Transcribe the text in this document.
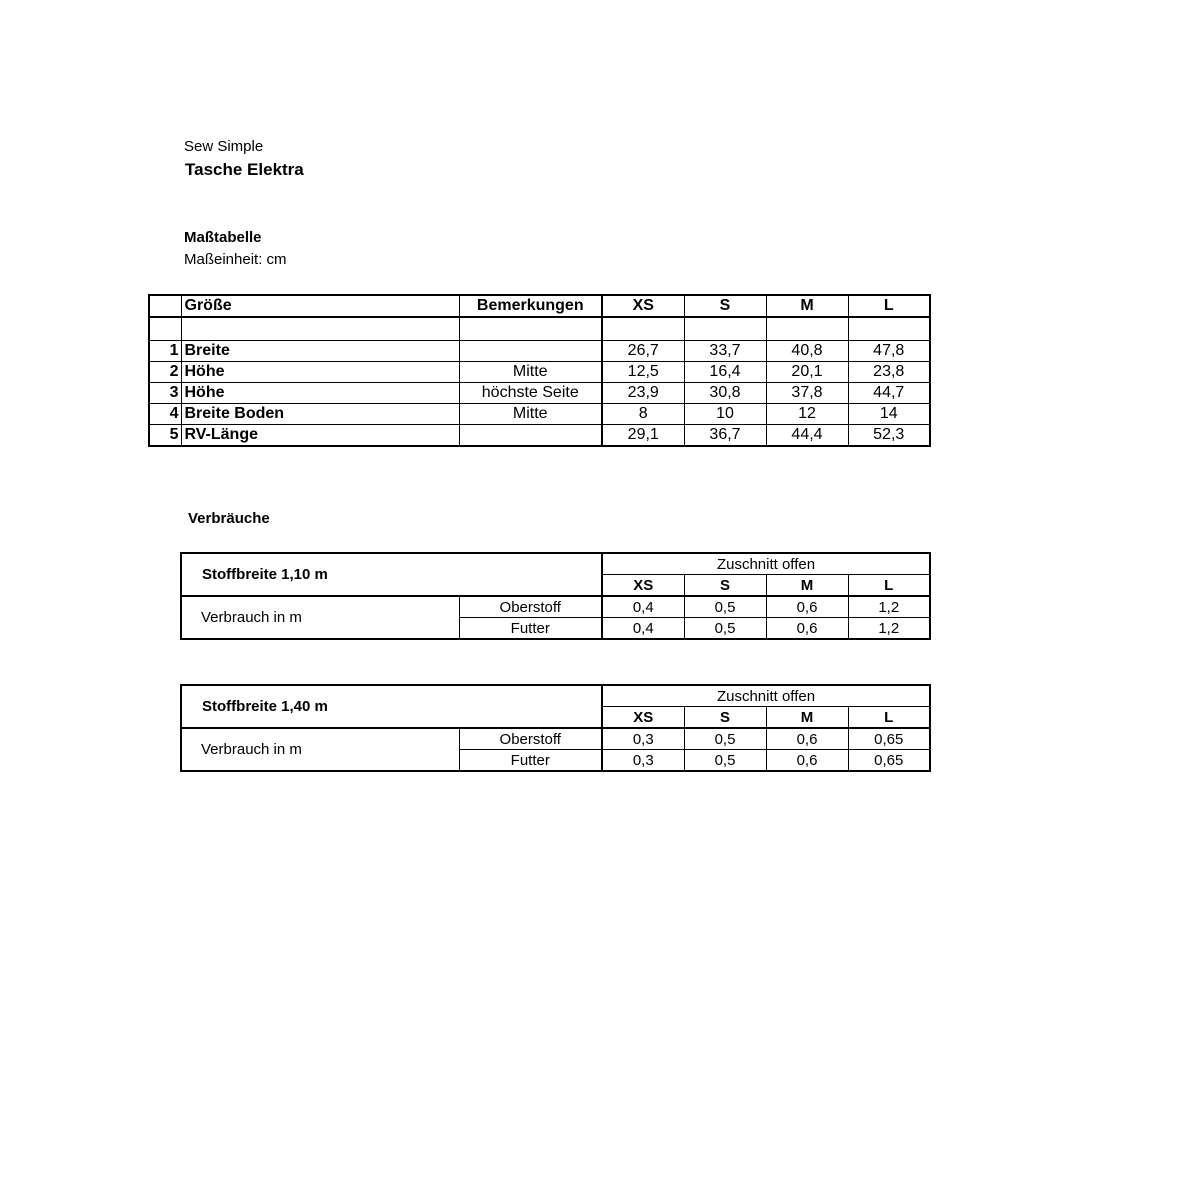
Sew Simple
Tasche Elektra
Maßtabelle
Maßeinheit: cm
	Größe	Bemerkungen	XS	S	M	L

1	Breite		26,7	33,7	40,8	47,8
2	Höhe	Mitte	12,5	16,4	20,1	23,8
3	Höhe	höchste Seite	23,9	30,8	37,8	44,7
4	Breite Boden	Mitte	8	10	12	14
5	RV-Länge		29,1	36,7	44,4	52,3
Verbräuche
Stoffbreite 1,10 m		Zuschnitt offen			
		XS	S	M	L
Verbrauch in m	Oberstoff	0,4	0,5	0,6	1,2
	Futter	0,4	0,5	0,6	1,2
Stoffbreite 1,40 m		Zuschnitt offen			
		XS	S	M	L
Verbrauch in m	Oberstoff	0,3	0,5	0,6	0,65
	Futter	0,3	0,5	0,6	0,65
